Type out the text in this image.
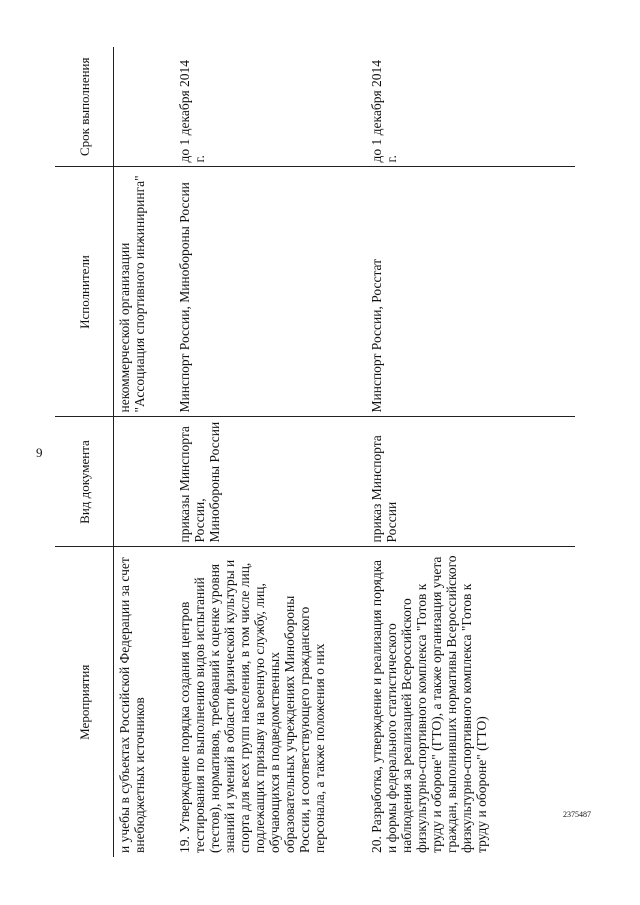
9
Мероприятия	Вид документа	Исполнители	Срок выполнения
и учебы в субъектах Российской Федерации за счет внебюджетных источников		некоммерческой организации "Ассоциация спортивного инжиниринга"	
19. Утверждение порядка создания центров тестирования по выполнению видов испытаний (тестов), нормативов, требований к оценке уровня знаний и умений в области физической культуры и спорта для всех групп населения, в том числе лиц, подлежащих призыву на военную службу, лиц, обучающихся в подведомственных образовательных учреждениях Минобороны России, и соответствующего гражданского персонала, а также положения о них	приказы Минспорта России, Минобороны России	Минспорт России, Минобороны России	до 1 декабря 2014 г.
20. Разработка, утверждение и реализация порядка и формы федерального статистического наблюдения за реализацией Всероссийского физкультурно-спортивного комплекса "Готов к труду и обороне" (ГТО), а также организация учета граждан, выполнивших нормативы Всероссийского физкультурно-спортивного комплекса "Готов к труду и обороне" (ГТО)	приказ Минспорта России	Минспорт России, Росстат	до 1 декабря 2014 г.
2375487
